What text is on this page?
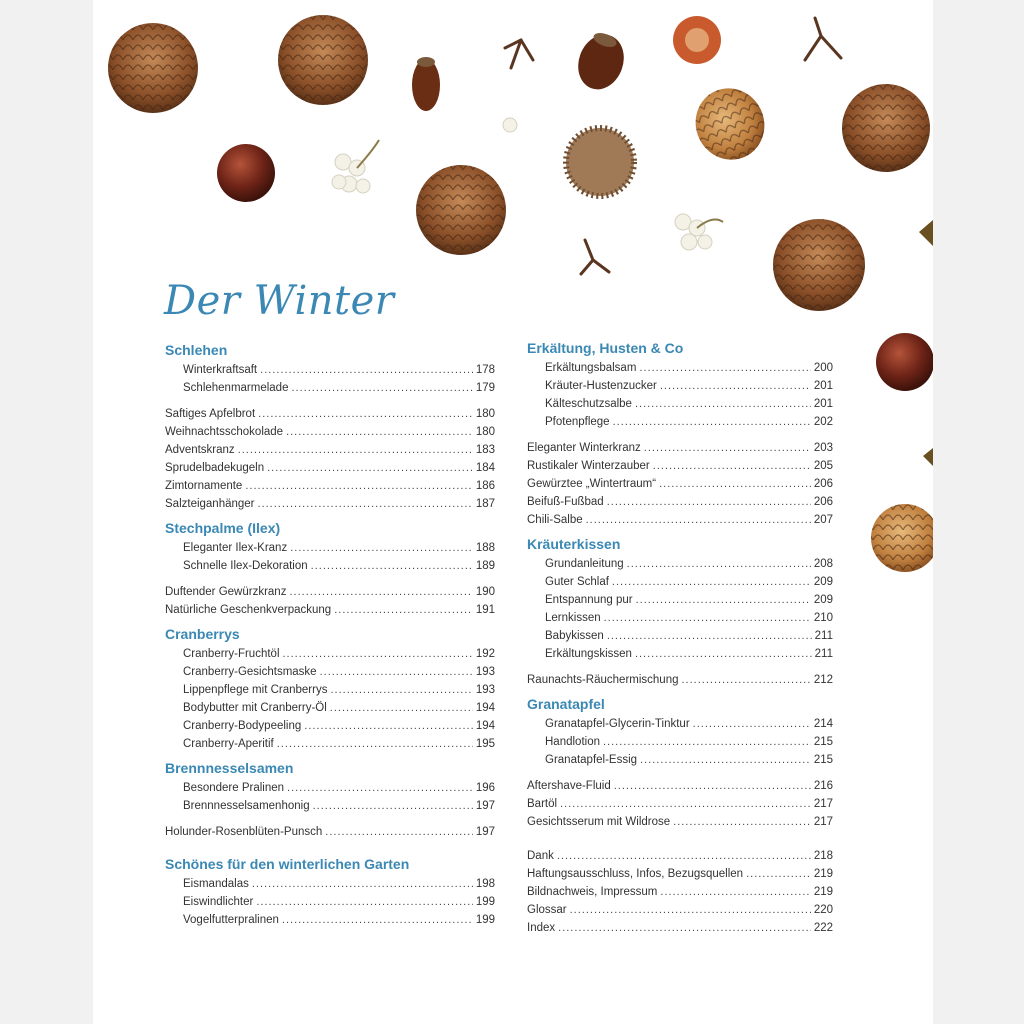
Der Winter
Schlehen
Winterkraftsaft .....	178
Schlehenmarmelade .....	179
Saftiges Apfelbrot .....	180
Weihnachtsschokolade .....	180
Adventskranz .....	183
Sprudelbadekugeln .....	184
Zimtornamente .....	186
Salzteiganhänger .....	187
Stechpalme (Ilex)
Eleganter Ilex-Kranz .....	188
Schnelle Ilex-Dekoration .....	189
Duftender Gewürzkranz .....	190
Natürliche Geschenkverpackung .....	191
Cranberrys
Cranberry-Fruchtöl .....	192
Cranberry-Gesichtsmaske .....	193
Lippenpflege mit Cranberrys .....	193
Bodybutter mit Cranberry-Öl .....	194
Cranberry-Bodypeeling .....	194
Cranberry-Aperitif .....	195
Brennnesselsamen
Besondere Pralinen .....	196
Brennnesselsamenhonig .....	197
Holunder-Rosenblüten-Punsch .....	197
Schönes für den winterlichen Garten
Eismandalas .....	198
Eiswindlichter .....	199
Vogelfutterpralinen .....	199
Erkältung, Husten & Co
Erkältungsbalsam .....	200
Kräuter-Hustenzucker .....	201
Kälteschutzsalbe .....	201
Pfotenpflege .....	202
Eleganter Winterkranz .....	203
Rustikaler Winterzauber .....	205
Gewürztee „Wintertraum“ .....	206
Beifuß-Fußbad .....	206
Chili-Salbe .....	207
Kräuterkissen
Grundanleitung .....	208
Guter Schlaf .....	209
Entspannung pur .....	209
Lernkissen .....	210
Babykissen .....	211
Erkältungskissen .....	211
Raunachts-Räuchermischung .....	212
Granatapfel
Granatapfel-Glycerin-Tinktur .....	214
Handlotion .....	215
Granatapfel-Essig .....	215
Aftershave-Fluid .....	216
Bartöl .....	217
Gesichtsserum mit Wildrose .....	217
Dank .....	218
Haftungsausschluss, Infos, Bezugsquellen .....	219
Bildnachweis, Impressum .....	219
Glossar .....	220
Index .....	222
